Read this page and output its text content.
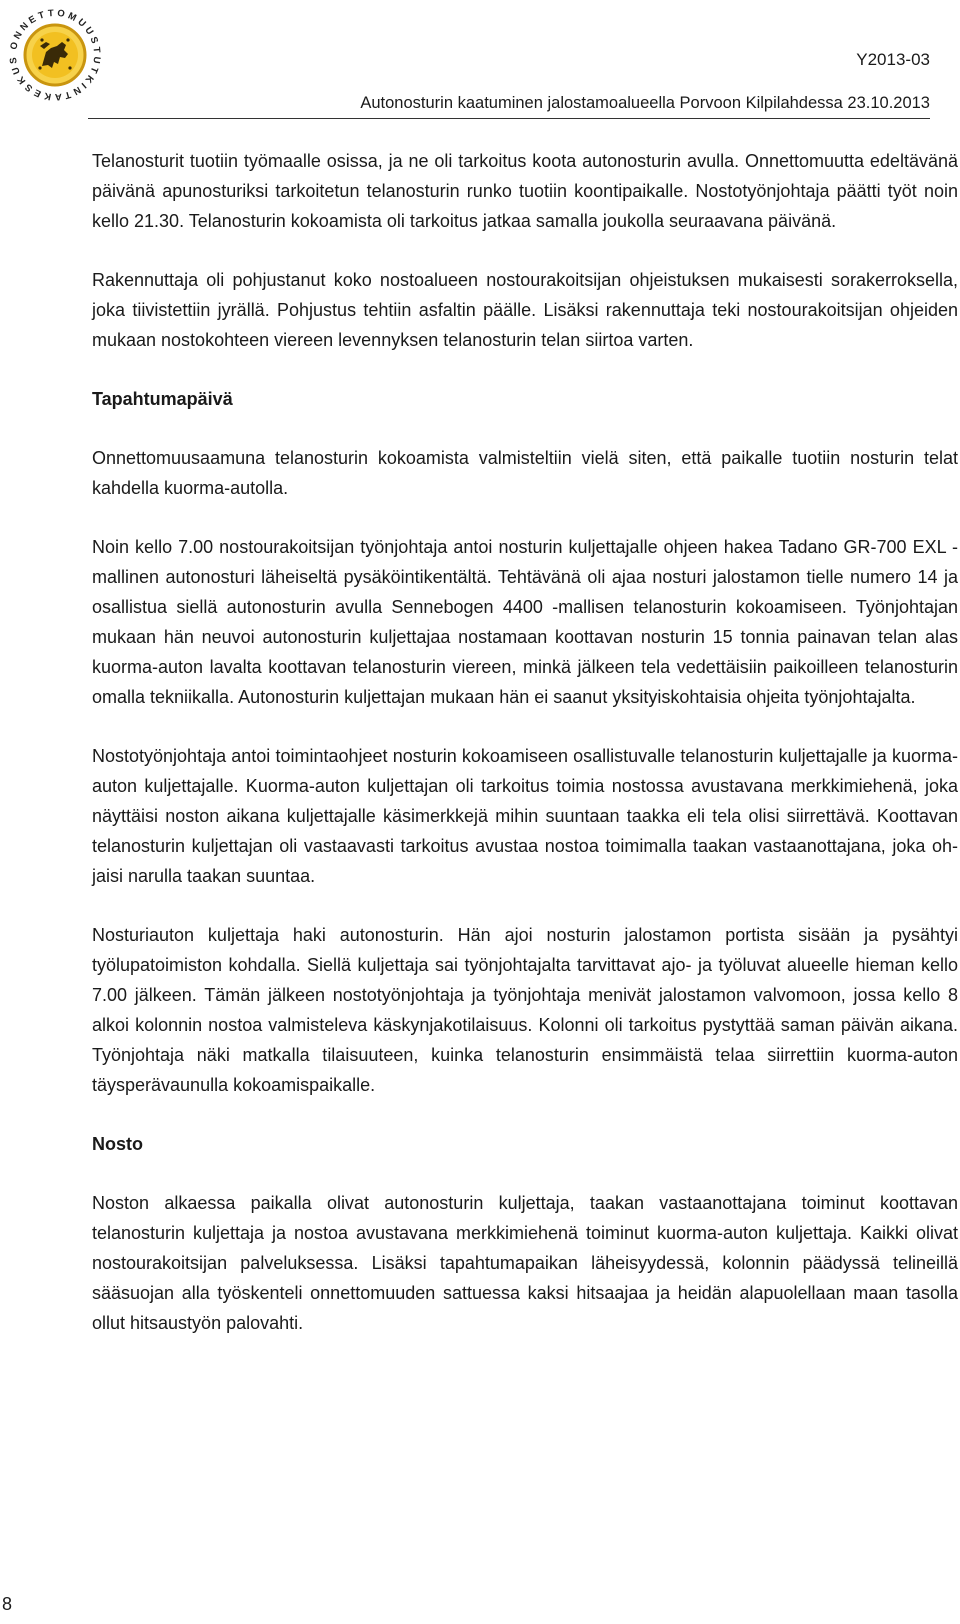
ONNETTOMUUSTUTKINTAKESKUS	Y2013-03
Autonosturin kaatuminen jalostamoalueella Porvoon Kilpilahdessa 23.10.2013

Telanosturit tuotiin työmaalle osissa, ja ne oli tarkoitus koota autonosturin avulla. Onnettomuutta edeltävänä päivänä apunosturiksi tarkoitetun telanosturin runko tuotiin koontipaikalle. Nostotyönjohtaja päätti työt noin kello 21.30. Telanosturin kokoamista oli tarkoitus jatkaa samalla joukolla seuraavana päivänä.

Rakennuttaja oli pohjustanut koko nostoalueen nostourakoitsijan ohjeistuksen mukaisesti sorakerroksella, joka tiivistettiin jyrällä. Pohjustus tehtiin asfaltin päälle. Lisäksi rakennuttaja teki nostourakoitsijan ohjeiden mukaan nostokohteen viereen levennyksen telanosturin telan siirtoa varten.

Tapahtumapäivä

Onnettomuusaamuna telanosturin kokoamista valmisteltiin vielä siten, että paikalle tuotiin nosturin telat kahdella kuorma-autolla.

Noin kello 7.00 nostourakoitsijan työnjohtaja antoi nosturin kuljettajalle ohjeen hakea Tadano GR-700 EXL -mallinen autonosturi läheiseltä pysäköintikentältä. Tehtävänä oli ajaa nosturi jalostamon tielle numero 14 ja osallistua siellä autonosturin avulla Sennebogen 4400 -mallisen telanosturin kokoamiseen. Työnjohtajan mukaan hän neuvoi autonosturin kuljettajaa nostamaan koottavan nosturin 15 tonnia painavan telan alas kuorma-auton lavalta koottavan telanosturin viereen, minkä jälkeen tela vedettäisiin paikoilleen telanosturin omalla tekniikalla. Autonosturin kuljettajan mukaan hän ei saanut yksityiskohtaisia ohjeita työnjohtajalta.

Nostotyönjohtaja antoi toimintaohjeet nosturin kokoamiseen osallistuvalle telanosturin kuljettajalle ja kuorma-auton kuljettajalle. Kuorma-auton kuljettajan oli tarkoitus toimia nostossa avustavana merkkimiehenä, joka näyttäisi noston aikana kuljettajalle käsimerkkejä mihin suuntaan taakka eli tela olisi siirrettävä. Koottavan telanosturin kuljettajan oli vastaavasti tarkoitus avustaa nostoa toimimalla taakan vastaanottajana, joka ohjaisi narulla taakan suuntaa.

Nosturiauton kuljettaja haki autonosturin. Hän ajoi nosturin jalostamon portista sisään ja pysähtyi työlupatoimiston kohdalla. Siellä kuljettaja sai työnjohtajalta tarvittavat ajo- ja työluvat alueelle hieman kello 7.00 jälkeen. Tämän jälkeen nostotyönjohtaja ja työnjohtaja menivät jalostamon valvomoon, jossa kello 8 alkoi kolonnin nostoa valmisteleva käskynjakotilaisuus. Kolonni oli tarkoitus pystyttää saman päivän aikana. Työnjohtaja näki matkalla tilaisuuteen, kuinka telanosturin ensimmäistä telaa siirrettiin kuorma-auton täysperävaunulla kokoamispaikalle.

Nosto

Noston alkaessa paikalla olivat autonosturin kuljettaja, taakan vastaanottajana toiminut koottavan telanosturin kuljettaja ja nostoa avustavana merkkimiehenä toiminut kuorma-auton kuljettaja. Kaikki olivat nostourakoitsijan palveluksessa. Lisäksi tapahtumapaikan läheisyydessä, kolonnin päädyssä telineillä sääsuojan alla työskenteli onnettomuuden sattuessa kaksi hitsaajaa ja heidän alapuolellaan maan tasolla ollut hitsaustyön palovahti.

8
